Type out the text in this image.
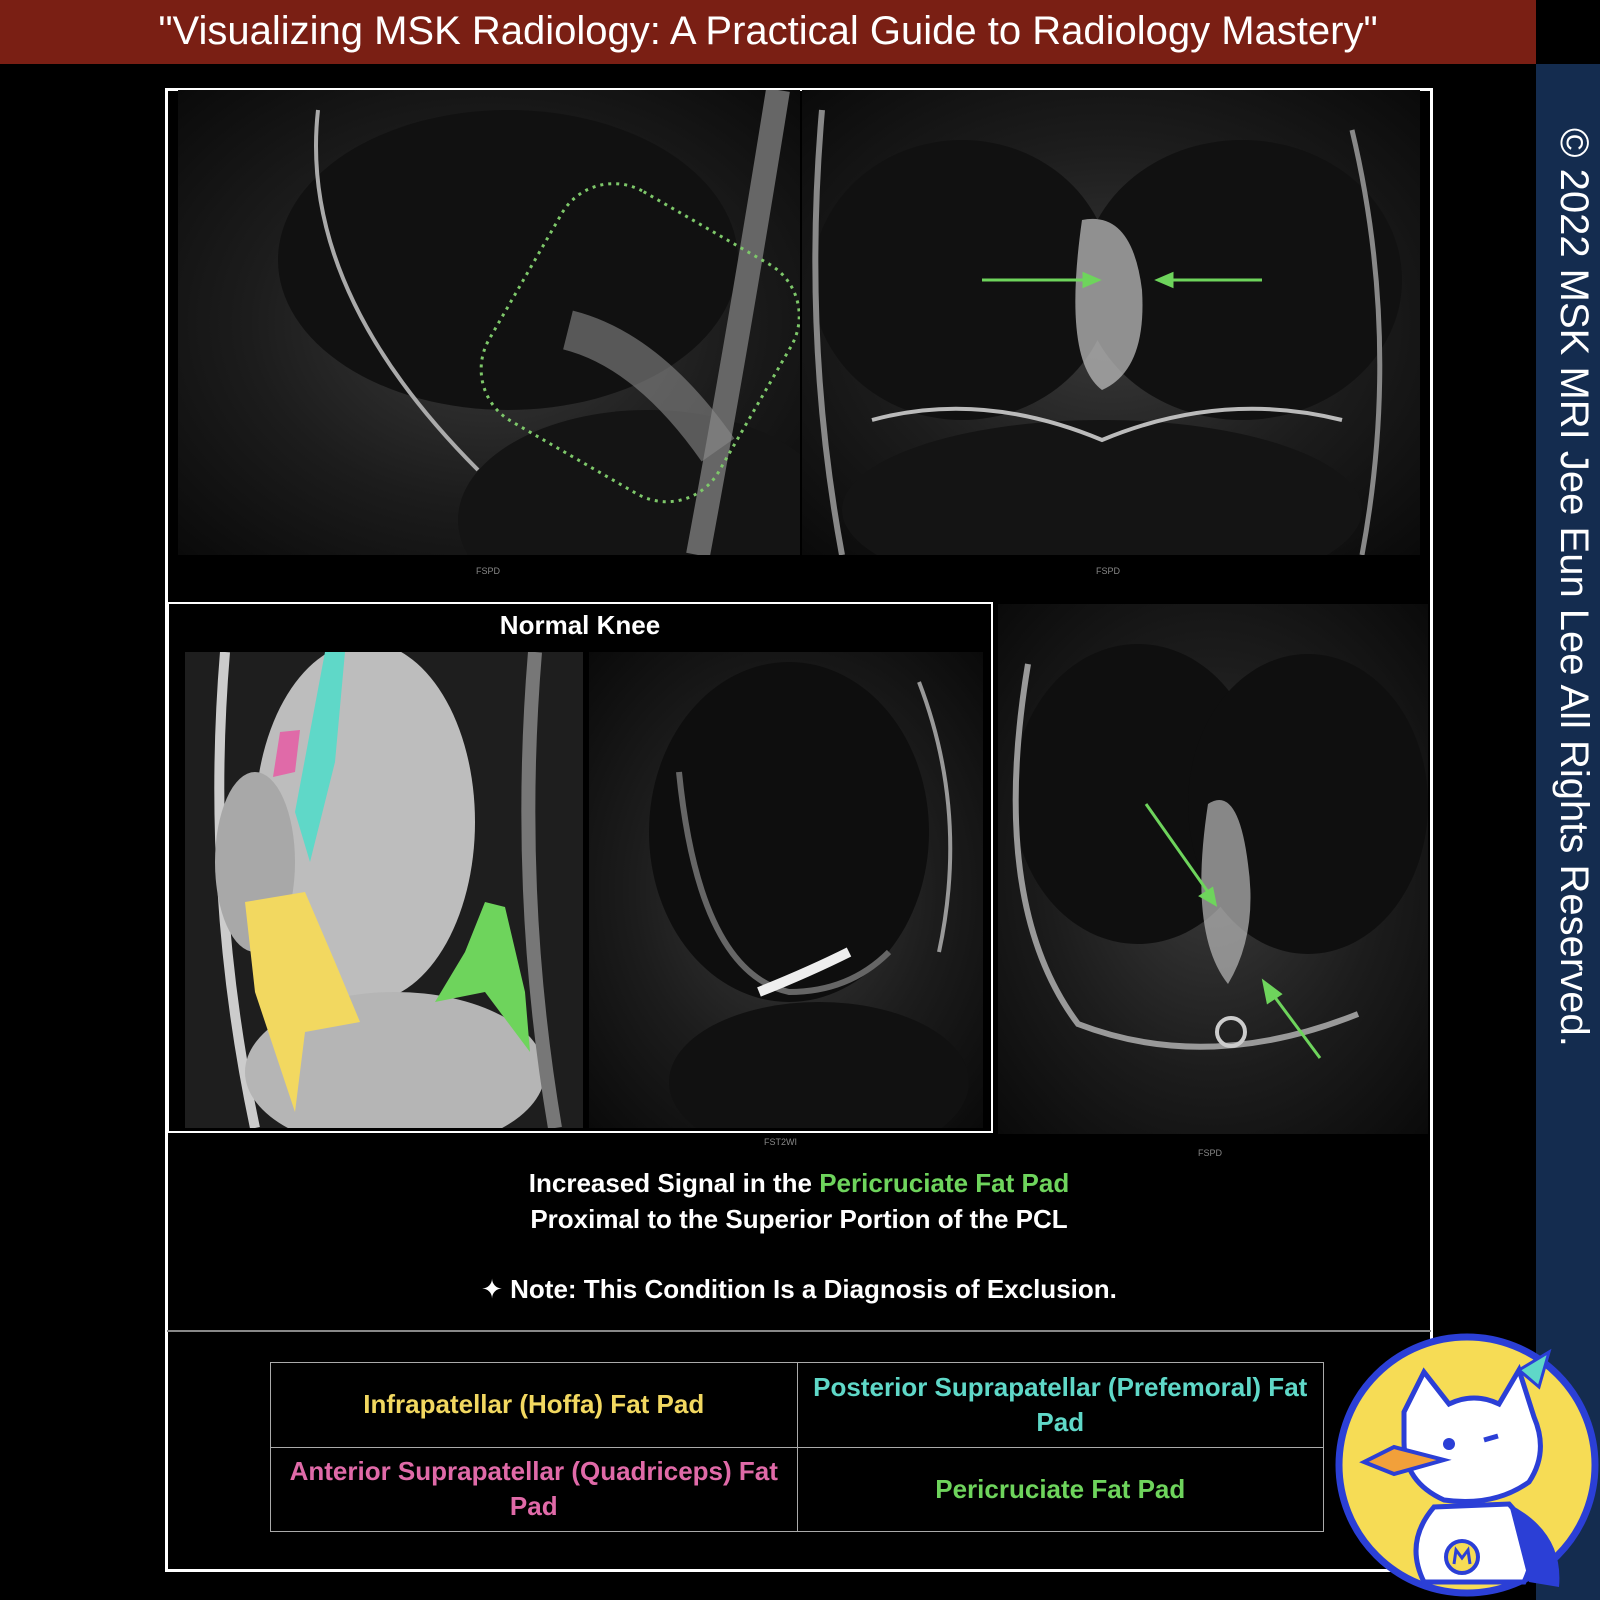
"Visualizing MSK Radiology: A Practical Guide to Radiology Mastery"
© 2022 MSK MRI Jee Eun Lee All Rights Reserved.
FSPD	FSPD
Normal Knee
FST2WI
FSPD
Increased Signal in the Pericruciate Fat Pad
Proximal to the Superior Portion of the PCL
✦ Note: This Condition Is a Diagnosis of Exclusion.
Infrapatellar (Hoffa) Fat Pad	Posterior Suprapatellar (Prefemoral) Fat Pad
Anterior Suprapatellar (Quadriceps) Fat Pad	Pericruciate Fat Pad
